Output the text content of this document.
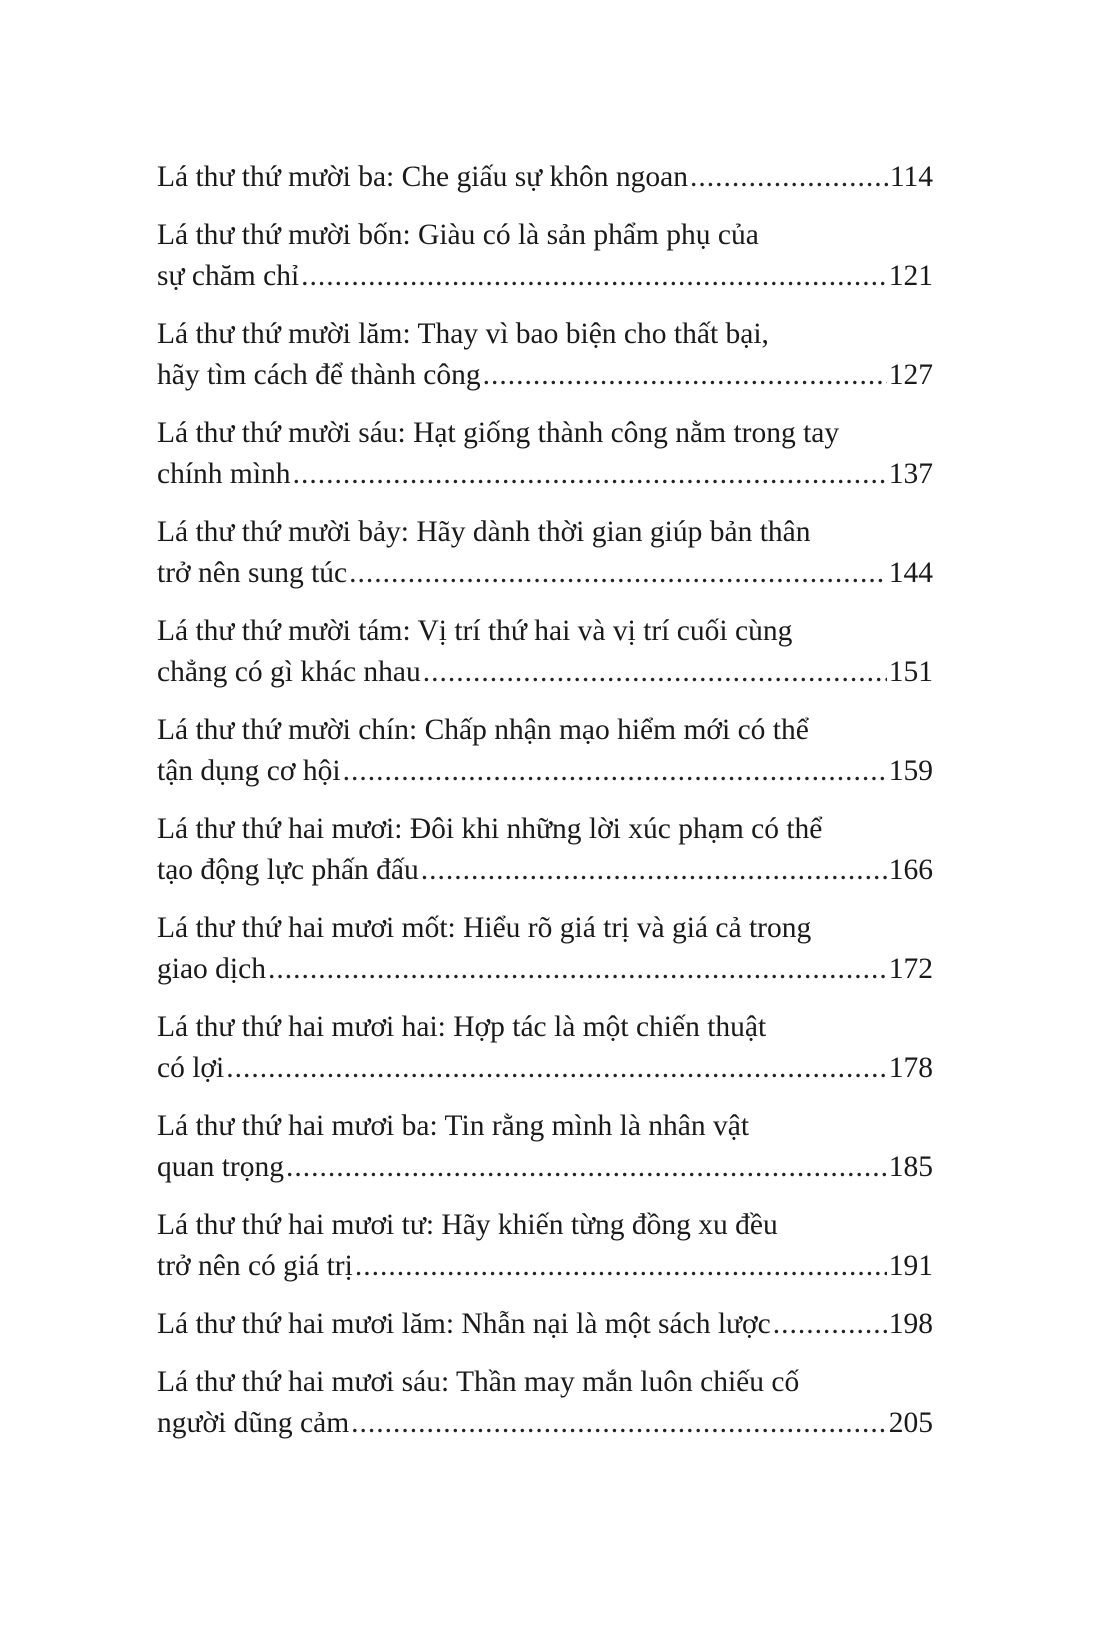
Lá thư thứ mười ba: Che giấu sự khôn ngoan .....	114
Lá thư thứ mười bốn: Giàu có là sản phẩm phụ của
sự chăm chỉ .....	121
Lá thư thứ mười lăm: Thay vì bao biện cho thất bại,
hãy tìm cách để thành công .....	127
Lá thư thứ mười sáu: Hạt giống thành công nằm trong tay
chính mình .....	137
Lá thư thứ mười bảy: Hãy dành thời gian giúp bản thân
trở nên sung túc .....	144
Lá thư thứ mười tám: Vị trí thứ hai và vị trí cuối cùng
chẳng có gì khác nhau .....	151
Lá thư thứ mười chín: Chấp nhận mạo hiểm mới có thể
tận dụng cơ hội .....	159
Lá thư thứ hai mươi: Đôi khi những lời xúc phạm có thể
tạo động lực phấn đấu .....	166
Lá thư thứ hai mươi mốt: Hiểu rõ giá trị và giá cả trong
giao dịch .....	172
Lá thư thứ hai mươi hai: Hợp tác là một chiến thuật
có lợi .....	178
Lá thư thứ hai mươi ba: Tin rằng mình là nhân vật
quan trọng .....	185
Lá thư thứ hai mươi tư: Hãy khiến từng đồng xu đều
trở nên có giá trị .....	191
Lá thư thứ hai mươi lăm: Nhẫn nại là một sách lược .....	198
Lá thư thứ hai mươi sáu: Thần may mắn luôn chiếu cố
người dũng cảm .....	205
